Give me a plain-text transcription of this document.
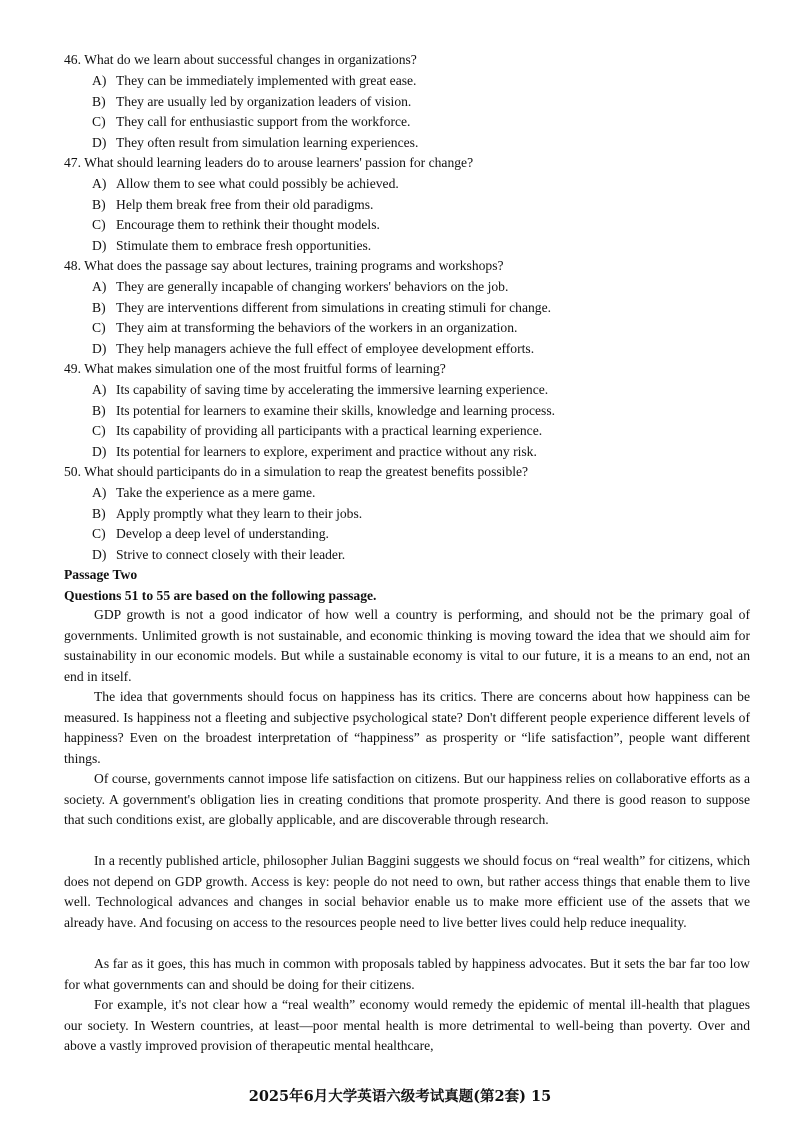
46. What do we learn about successful changes in organizations?
A) They can be immediately implemented with great ease.
B) They are usually led by organization leaders of vision.
C) They call for enthusiastic support from the workforce.
D) They often result from simulation learning experiences.
47. What should learning leaders do to arouse learners' passion for change?
A) Allow them to see what could possibly be achieved.
B) Help them break free from their old paradigms.
C) Encourage them to rethink their thought models.
D) Stimulate them to embrace fresh opportunities.
48. What does the passage say about lectures, training programs and workshops?
A) They are generally incapable of changing workers' behaviors on the job.
B) They are interventions different from simulations in creating stimuli for change.
C) They aim at transforming the behaviors of the workers in an organization.
D) They help managers achieve the full effect of employee development efforts.
49. What makes simulation one of the most fruitful forms of learning?
A) Its capability of saving time by accelerating the immersive learning experience.
B) Its potential for learners to examine their skills, knowledge and learning process.
C) Its capability of providing all participants with a practical learning experience.
D) Its potential for learners to explore, experiment and practice without any risk.
50. What should participants do in a simulation to reap the greatest benefits possible?
A) Take the experience as a mere game.
B) Apply promptly what they learn to their jobs.
C) Develop a deep level of understanding.
D) Strive to connect closely with their leader.
Passage Two
Questions 51 to 55 are based on the following passage.

GDP growth is not a good indicator of how well a country is performing, and should not be the primary goal of governments. Unlimited growth is not sustainable, and economic thinking is moving toward the idea that we should aim for sustainability in our economic models. But while a sustainable economy is vital to our future, it is a means to an end, not an end in itself.

The idea that governments should focus on happiness has its critics. There are concerns about how happiness can be measured. Is happiness not a fleeting and subjective psychological state? Don't different people experience different levels of happiness? Even on the broadest interpretation of “happiness” as prosperity or “life satisfaction”, people want different things.

Of course, governments cannot impose life satisfaction on citizens. But our happiness relies on collaborative efforts as a society. A government's obligation lies in creating conditions that promote prosperity. And there is good reason to suppose that such conditions exist, are globally applicable, and are discoverable through research.

In a recently published article, philosopher Julian Baggini suggests we should focus on “real wealth” for citizens, which does not depend on GDP growth. Access is key: people do not need to own, but rather access things that enable them to live well. Technological advances and changes in social behavior enable us to make more efficient use of the assets that we already have. And focusing on access to the resources people need to live better lives could help reduce inequality.

As far as it goes, this has much in common with proposals tabled by happiness advocates. But it sets the bar far too low for what governments can and should be doing for their citizens.

For example, it's not clear how a “real wealth” economy would remedy the epidemic of mental ill-health that plagues our society. In Western countries, at least—poor mental health is more detrimental to well-being than poverty. Over and above a vastly improved provision of therapeutic mental healthcare,

2025年6月大学英语六级考试真题(第2套) 15
